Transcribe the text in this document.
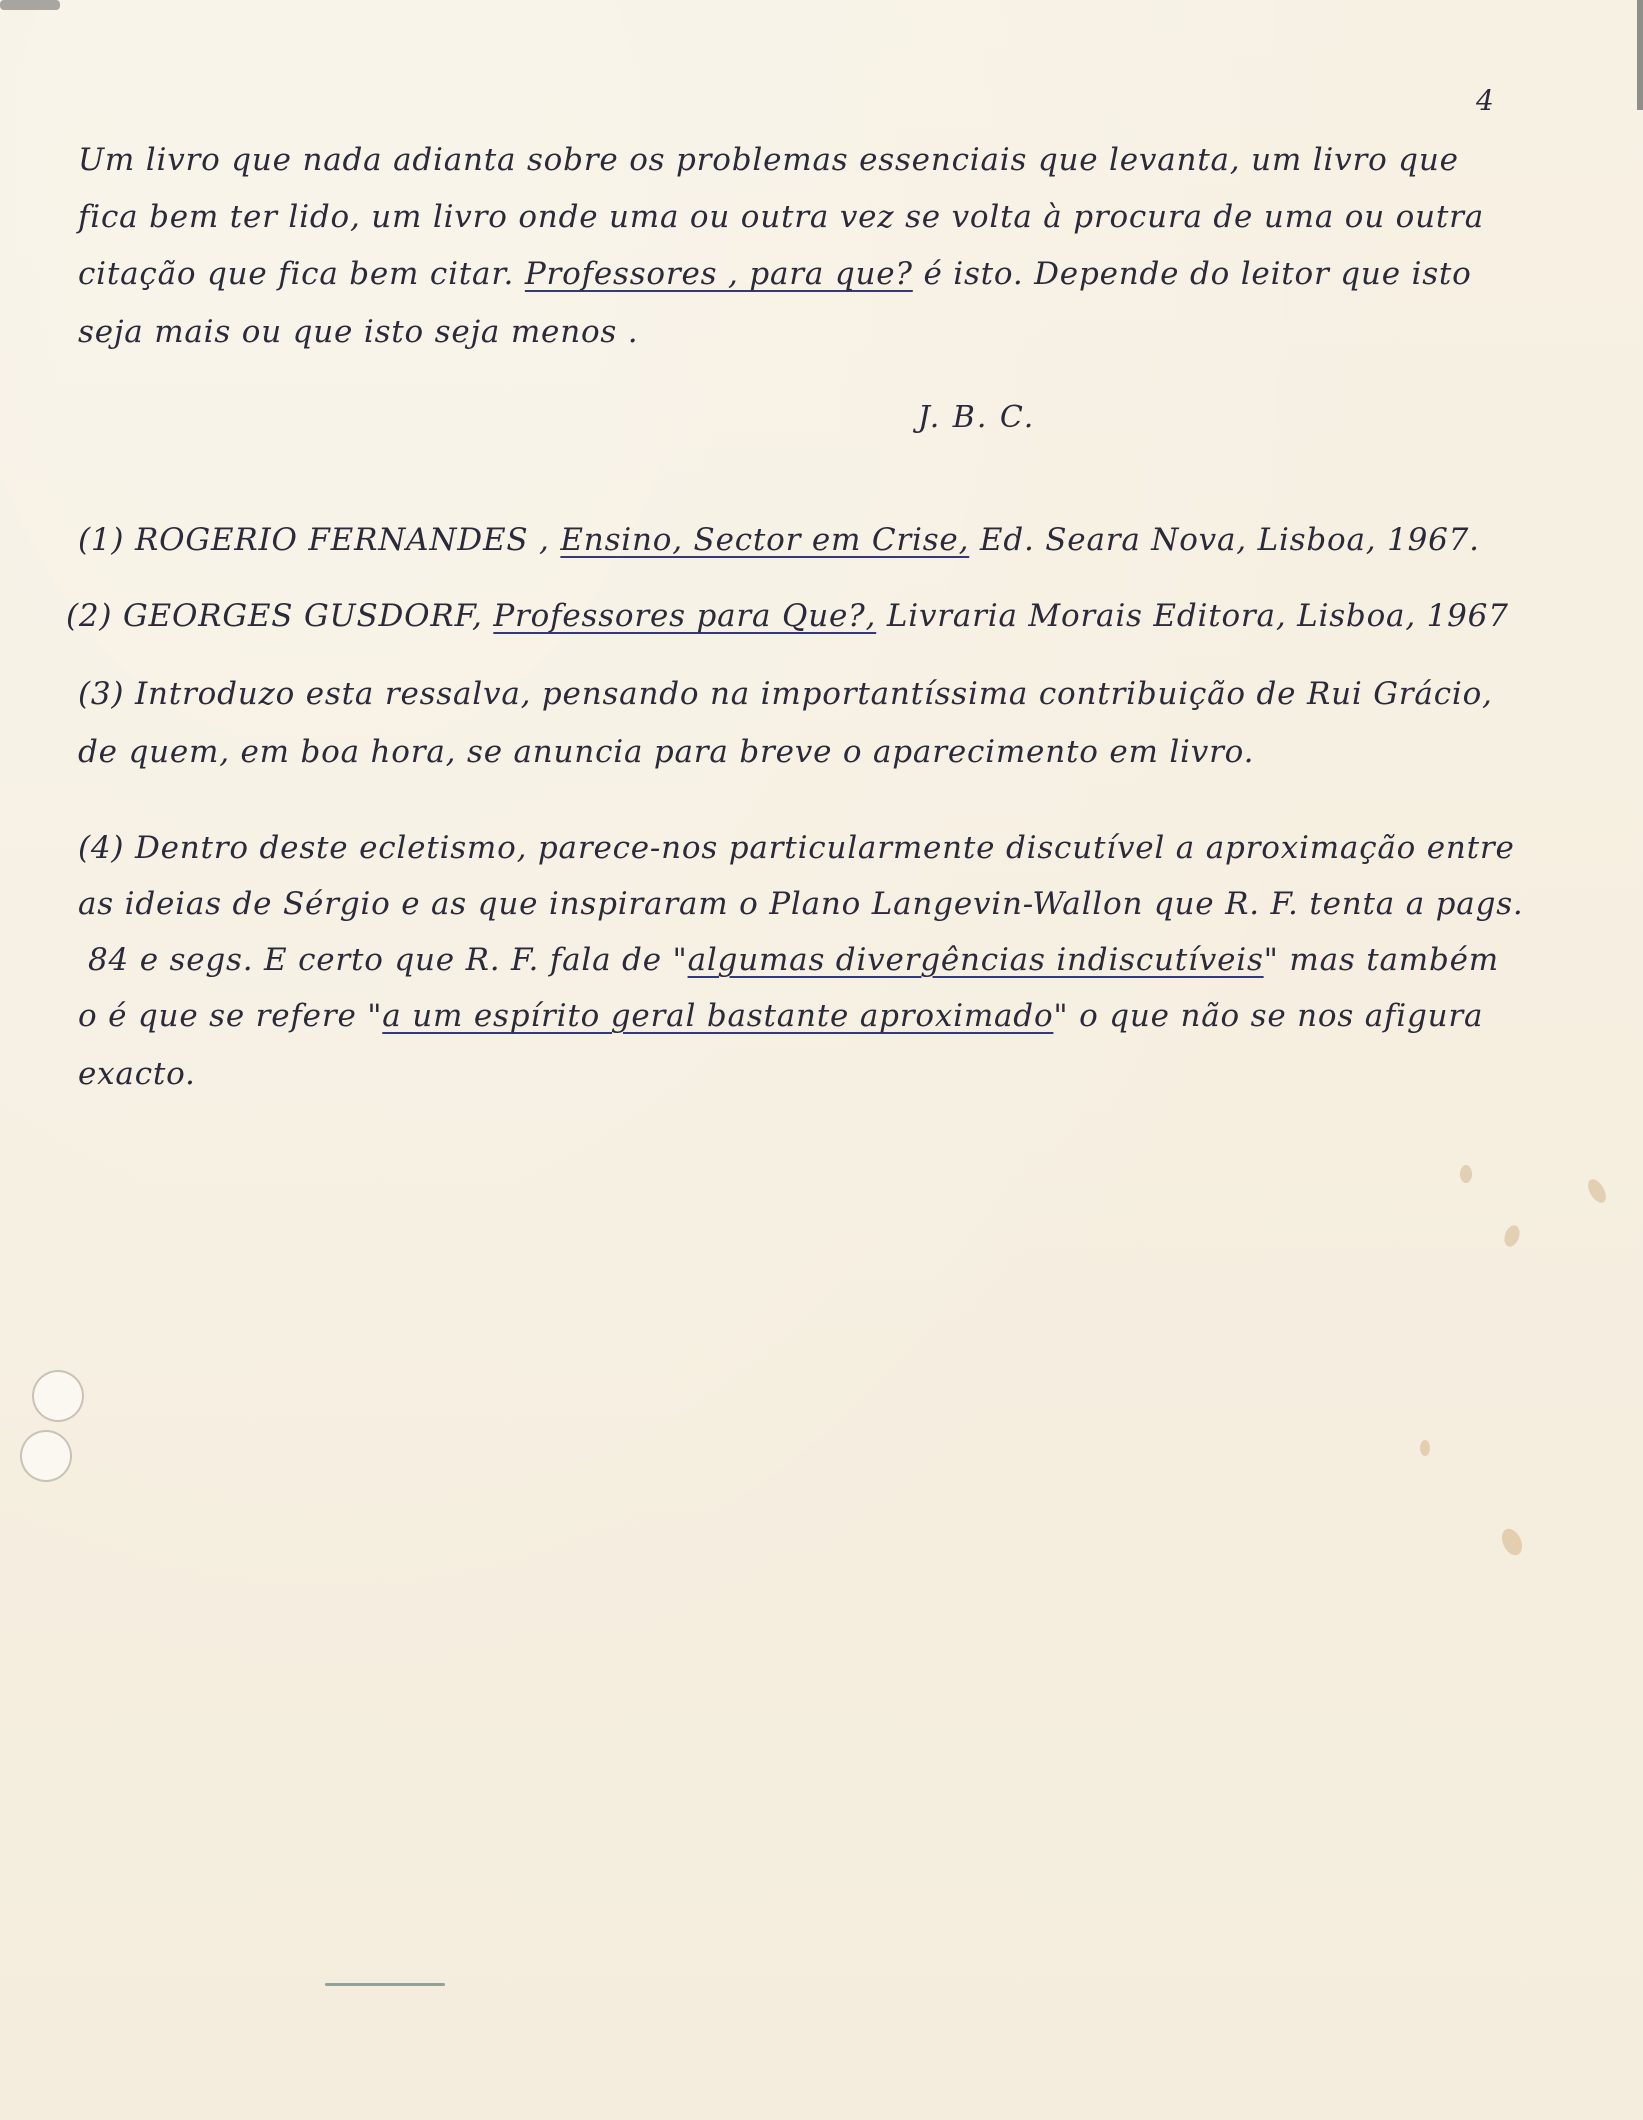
4
Um livro que nada adianta sobre os problemas essenciais que levanta, um livro que
fica bem ter lido, um livro onde uma ou outra vez se volta à procura de uma ou outra
citação que fica bem citar. Professores , para que? é isto. Depende do leitor que isto
seja mais ou que isto seja menos .
J. B. C.
(1) ROGERIO FERNANDES , Ensino, Sector em Crise, Ed. Seara Nova, Lisboa, 1967.
(2) GEORGES GUSDORF, Professores para Que?, Livraria Morais Editora, Lisboa, 1967
(3) Introduzo esta ressalva, pensando na importantíssima contribuição de Rui Grácio,
de quem, em boa hora, se anuncia para breve o aparecimento em livro.
(4) Dentro deste ecletismo, parece-nos particularmente discutível a aproximação entre
as ideias de Sérgio e as que inspiraram o Plano Langevin-Wallon que R. F. tenta a pags.
84 e segs. E certo que R. F. fala de "algumas divergências indiscutíveis" mas também
o é que se refere "a um espírito geral bastante aproximado" o que não se nos afigura
exacto.
